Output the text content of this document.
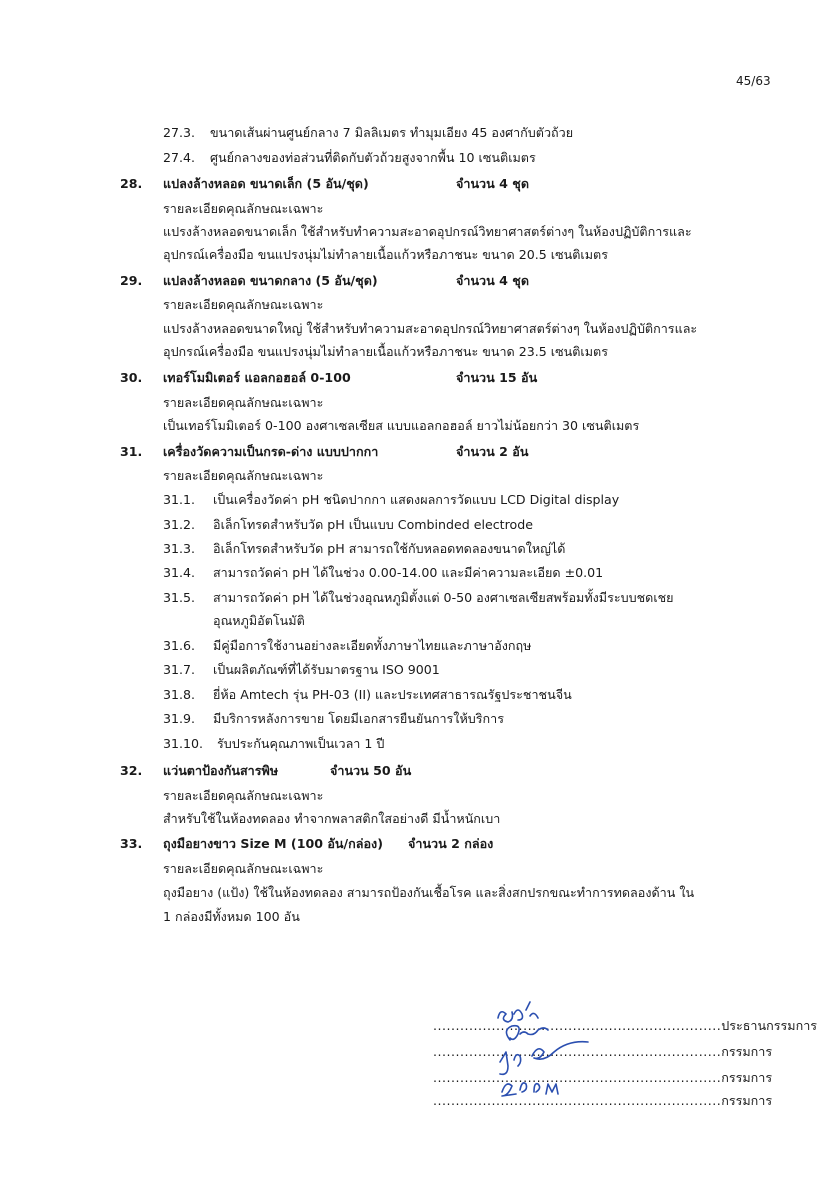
45/63
27.3. ขนาดเส้นผ่านศูนย์กลาง 7 มิลลิเมตร ทำมุมเอียง 45 องศากับตัวถ้วย
27.4. ศูนย์กลางของท่อส่วนที่ติดกับตัวถ้วยสูงจากพื้น 10 เซนติเมตร
28. แปลงล้างหลอด ขนาดเล็ก (5 อัน/ชุด)	จำนวน 4 ชุด
รายละเอียดคุณลักษณะเฉพาะ
แปรงล้างหลอดขนาดเล็ก ใช้สำหรับทำความสะอาดอุปกรณ์วิทยาศาสตร์ต่างๆ ในห้องปฏิบัติการและ
อุปกรณ์เครื่องมือ ขนแปรงนุ่มไม่ทำลายเนื้อแก้วหรือภาชนะ ขนาด 20.5 เซนติเมตร
29. แปลงล้างหลอด ขนาดกลาง (5 อัน/ชุด)	จำนวน 4 ชุด
รายละเอียดคุณลักษณะเฉพาะ
แปรงล้างหลอดขนาดใหญ่ ใช้สำหรับทำความสะอาดอุปกรณ์วิทยาศาสตร์ต่างๆ ในห้องปฏิบัติการและ
อุปกรณ์เครื่องมือ ขนแปรงนุ่มไม่ทำลายเนื้อแก้วหรือภาชนะ ขนาด 23.5 เซนติเมตร
30. เทอร์โมมิเตอร์ แอลกอฮอล์ 0-100	จำนวน 15 อัน
รายละเอียดคุณลักษณะเฉพาะ
เป็นเทอร์โมมิเตอร์ 0-100 องศาเซลเซียส แบบแอลกอฮอล์ ยาวไม่น้อยกว่า 30 เซนติเมตร
31. เครื่องวัดความเป็นกรด-ด่าง แบบปากกา	จำนวน 2 อัน
รายละเอียดคุณลักษณะเฉพาะ
31.1. เป็นเครื่องวัดค่า pH ชนิดปากกา แสดงผลการวัดแบบ LCD Digital display
31.2. อิเล็กโทรดสำหรับวัด pH เป็นแบบ Combinded electrode
31.3. อิเล็กโทรดสำหรับวัด pH สามารถใช้กับหลอดทดลองขนาดใหญ่ได้
31.4. สามารถวัดค่า pH ได้ในช่วง 0.00-14.00 และมีค่าความละเอียด ±0.01
31.5. สามารถวัดค่า pH ได้ในช่วงอุณหภูมิตั้งแต่ 0-50 องศาเซลเซียสพร้อมทั้งมีระบบชดเชย
อุณหภูมิอัตโนมัติ
31.6. มีคู่มือการใช้งานอย่างละเอียดทั้งภาษาไทยและภาษาอังกฤษ
31.7. เป็นผลิตภัณฑ์ที่ได้รับมาตรฐาน ISO 9001
31.8. ยี่ห้อ Amtech รุ่น PH-03 (II) และประเทศสาธารณรัฐประชาชนจีน
31.9. มีบริการหลังการขาย โดยมีเอกสารยืนยันการให้บริการ
31.10. รับประกันคุณภาพเป็นเวลา 1 ปี
32. แว่นตาป้องกันสารพิษ	จำนวน 50 อัน
รายละเอียดคุณลักษณะเฉพาะ
สำหรับใช้ในห้องทดลอง ทำจากพลาสติกใสอย่างดี มีน้ำหนักเบา
33. ถุงมือยางขาว Size M (100 อัน/กล่อง) จำนวน 2 กล่อง
รายละเอียดคุณลักษณะเฉพาะ
ถุงมือยาง (แป้ง) ใช้ในห้องทดลอง สามารถป้องกันเชื้อโรค และสิ่งสกปรกขณะทำการทดลองด้าน ใน
1 กล่องมีทั้งหมด 100 อัน
................................................................ประธานกรรมการ
................................................................กรรมการ
................................................................กรรมการ
................................................................กรรมการ
